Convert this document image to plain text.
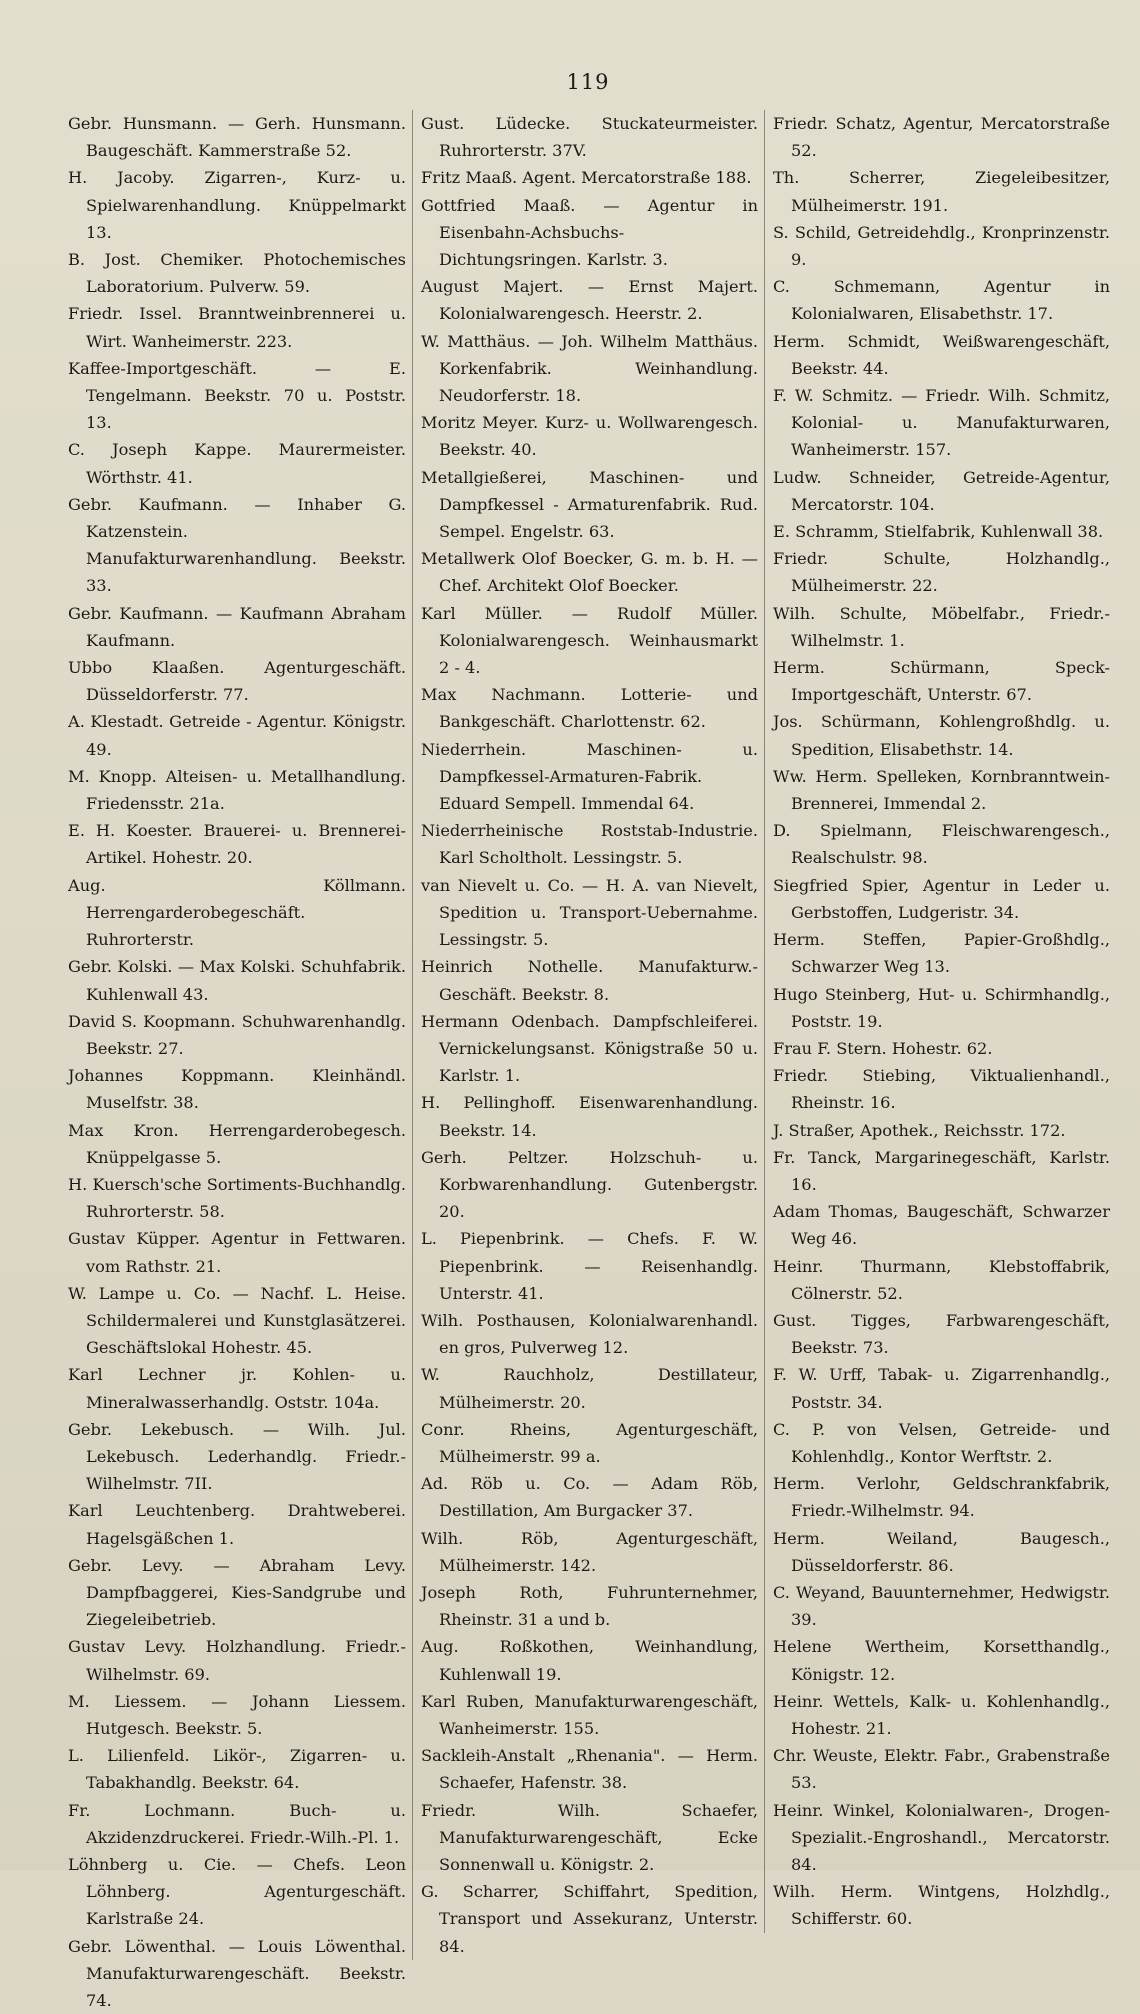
119

Gebr. Hunsmann. — Gerh. Hunsmann. Baugeschäft. Kammerstraße 52.

H. Jacoby. Zigarren-, Kurz- u. Spielwarenhandlung. Knüppelmarkt 13.

B. Jost. Chemiker. Photochemisches Laboratorium. Pulverw. 59.

Friedr. Issel. Branntweinbrennerei u. Wirt. Wanheimerstr. 223.

Kaffee-Importgeschäft. — E. Tengelmann. Beekstr. 70 u. Poststr. 13.

C. Joseph Kappe. Maurermeister. Wörthstr. 41.

Gebr. Kaufmann. — Inhaber G. Katzenstein. Manufakturwarenhandlung. Beekstr. 33.

Gebr. Kaufmann. — Kaufmann Abraham Kaufmann.

Ubbo Klaaßen. Agenturgeschäft. Düsseldorferstr. 77.

A. Klestadt. Getreide - Agentur. Königstr. 49.

M. Knopp. Alteisen- u. Metallhandlung. Friedensstr. 21a.

E. H. Koester. Brauerei- u. Brennerei-Artikel. Hohestr. 20.

Aug. Köllmann. Herrengarderobegeschäft. Ruhrorterstr.

Gebr. Kolski. — Max Kolski. Schuhfabrik. Kuhlenwall 43.

David S. Koopmann. Schuhwarenhandlg. Beekstr. 27.

Johannes Koppmann. Kleinhändl. Muselfstr. 38.

Max Kron. Herrengarderobegesch. Knüppelgasse 5.

H. Kuersch'sche Sortiments-Buchhandlg. Ruhrorterstr. 58.

Gustav Küpper. Agentur in Fettwaren. vom Rathstr. 21.

W. Lampe u. Co. — Nachf. L. Heise. Schildermalerei und Kunstglasätzerei. Geschäftslokal Hohestr. 45.

Karl Lechner jr. Kohlen- u. Mineralwasserhandlg. Oststr. 104a.

Gebr. Lekebusch. — Wilh. Jul. Lekebusch. Lederhandlg. Friedr.-Wilhelmstr. 7II.

Karl Leuchtenberg. Drahtweberei. Hagelsgäßchen 1.

Gebr. Levy. — Abraham Levy. Dampfbaggerei, Kies-Sandgrube und Ziegeleibetrieb.

Gustav Levy. Holzhandlung. Friedr.-Wilhelmstr. 69.

M. Liessem. — Johann Liessem. Hutgesch. Beekstr. 5.

L. Lilienfeld. Likör-, Zigarren- u. Tabakhandlg. Beekstr. 64.

Fr. Lochmann. Buch- u. Akzidenzdruckerei. Friedr.-Wilh.-Pl. 1.

Löhnberg u. Cie. — Chefs. Leon Löhnberg. Agenturgeschäft. Karlstraße 24.

Gebr. Löwenthal. — Louis Löwenthal. Manufakturwarengeschäft. Beekstr. 74.

Gust. Lüdecke. Stuckateurmeister. Ruhrorterstr. 37V.

Fritz Maaß. Agent. Mercatorstraße 188.

Gottfried Maaß. — Agentur in Eisenbahn-Achsbuchs-Dichtungsringen. Karlstr. 3.

August Majert. — Ernst Majert. Kolonialwarengesch. Heerstr. 2.

W. Matthäus. — Joh. Wilhelm Matthäus. Korkenfabrik. Weinhandlung. Neudorferstr. 18.

Moritz Meyer. Kurz- u. Wollwarengesch. Beekstr. 40.

Metallgießerei, Maschinen- und Dampfkessel - Armaturenfabrik. Rud. Sempel. Engelstr. 63.

Metallwerk Olof Boecker, G. m. b. H. — Chef. Architekt Olof Boecker.

Karl Müller. — Rudolf Müller. Kolonialwarengesch. Weinhausmarkt 2 - 4.

Max Nachmann. Lotterie- und Bankgeschäft. Charlottenstr. 62.

Niederrhein. Maschinen- u. Dampfkessel-Armaturen-Fabrik. Eduard Sempell. Immendal 64.

Niederrheinische Roststab-Industrie. Karl Scholtholt. Lessingstr. 5.

van Nievelt u. Co. — H. A. van Nievelt, Spedition u. Transport-Uebernahme. Lessingstr. 5.

Heinrich Nothelle. Manufakturw.-Geschäft. Beekstr. 8.

Hermann Odenbach. Dampfschleiferei. Vernickelungsanst. Königstraße 50 u. Karlstr. 1.

H. Pellinghoff. Eisenwarenhandlung. Beekstr. 14.

Gerh. Peltzer. Holzschuh- u. Korbwarenhandlung. Gutenbergstr. 20.

L. Piepenbrink. — Chefs. F. W. Piepenbrink. — Reisenhandlg. Unterstr. 41.

Wilh. Posthausen, Kolonialwarenhandl. en gros, Pulverweg 12.

W. Rauchholz, Destillateur, Mülheimerstr. 20.

Conr. Rheins, Agenturgeschäft, Mülheimerstr. 99 a.

Ad. Röb u. Co. — Adam Röb, Destillation, Am Burgacker 37.

Wilh. Röb, Agenturgeschäft, Mülheimerstr. 142.

Joseph Roth, Fuhrunternehmer, Rheinstr. 31 a und b.

Aug. Roßkothen, Weinhandlung, Kuhlenwall 19.

Karl Ruben, Manufakturwarengeschäft, Wanheimerstr. 155.

Sackleih-Anstalt „Rhenania". — Herm. Schaefer, Hafenstr. 38.

Friedr. Wilh. Schaefer, Manufakturwarengeschäft, Ecke Sonnenwall u. Königstr. 2.

G. Scharrer, Schiffahrt, Spedition, Transport und Assekuranz, Unterstr. 84.

Friedr. Schatz, Agentur, Mercatorstraße 52.

Th. Scherrer, Ziegeleibesitzer, Mülheimerstr. 191.

S. Schild, Getreidehdlg., Kronprinzenstr. 9.

C. Schmemann, Agentur in Kolonialwaren, Elisabethstr. 17.

Herm. Schmidt, Weißwarengeschäft, Beekstr. 44.

F. W. Schmitz. — Friedr. Wilh. Schmitz, Kolonial- u. Manufakturwaren, Wanheimerstr. 157.

Ludw. Schneider, Getreide-Agentur, Mercatorstr. 104.

E. Schramm, Stielfabrik, Kuhlenwall 38.

Friedr. Schulte, Holzhandlg., Mülheimerstr. 22.

Wilh. Schulte, Möbelfabr., Friedr.-Wilhelmstr. 1.

Herm. Schürmann, Speck-Importgeschäft, Unterstr. 67.

Jos. Schürmann, Kohlengroßhdlg. u. Spedition, Elisabethstr. 14.

Ww. Herm. Spelleken, Kornbranntwein-Brennerei, Immendal 2.

D. Spielmann, Fleischwarengesch., Realschulstr. 98.

Siegfried Spier, Agentur in Leder u. Gerbstoffen, Ludgeristr. 34.

Herm. Steffen, Papier-Großhdlg., Schwarzer Weg 13.

Hugo Steinberg, Hut- u. Schirmhandlg., Poststr. 19.

Frau F. Stern. Hohestr. 62.

Friedr. Stiebing, Viktualienhandl., Rheinstr. 16.

J. Straßer, Apothek., Reichsstr. 172.

Fr. Tanck, Margarinegeschäft, Karlstr. 16.

Adam Thomas, Baugeschäft, Schwarzer Weg 46.

Heinr. Thurmann, Klebstoffabrik, Cölnerstr. 52.

Gust. Tigges, Farbwarengeschäft, Beekstr. 73.

F. W. Urff, Tabak- u. Zigarrenhandlg., Poststr. 34.

C. P. von Velsen, Getreide- und Kohlenhdlg., Kontor Werftstr. 2.

Herm. Verlohr, Geldschrankfabrik, Friedr.-Wilhelmstr. 94.

Herm. Weiland, Baugesch., Düsseldorferstr. 86.

C. Weyand, Bauunternehmer, Hedwigstr. 39.

Helene Wertheim, Korsetthandlg., Königstr. 12.

Heinr. Wettels, Kalk- u. Kohlenhandlg., Hohestr. 21.

Chr. Weuste, Elektr. Fabr., Grabenstraße 53.

Heinr. Winkel, Kolonialwaren-, Drogen-Spezialit.-Engroshandl., Mercatorstr. 84.

Wilh. Herm. Wintgens, Holzhdlg., Schifferstr. 60.
